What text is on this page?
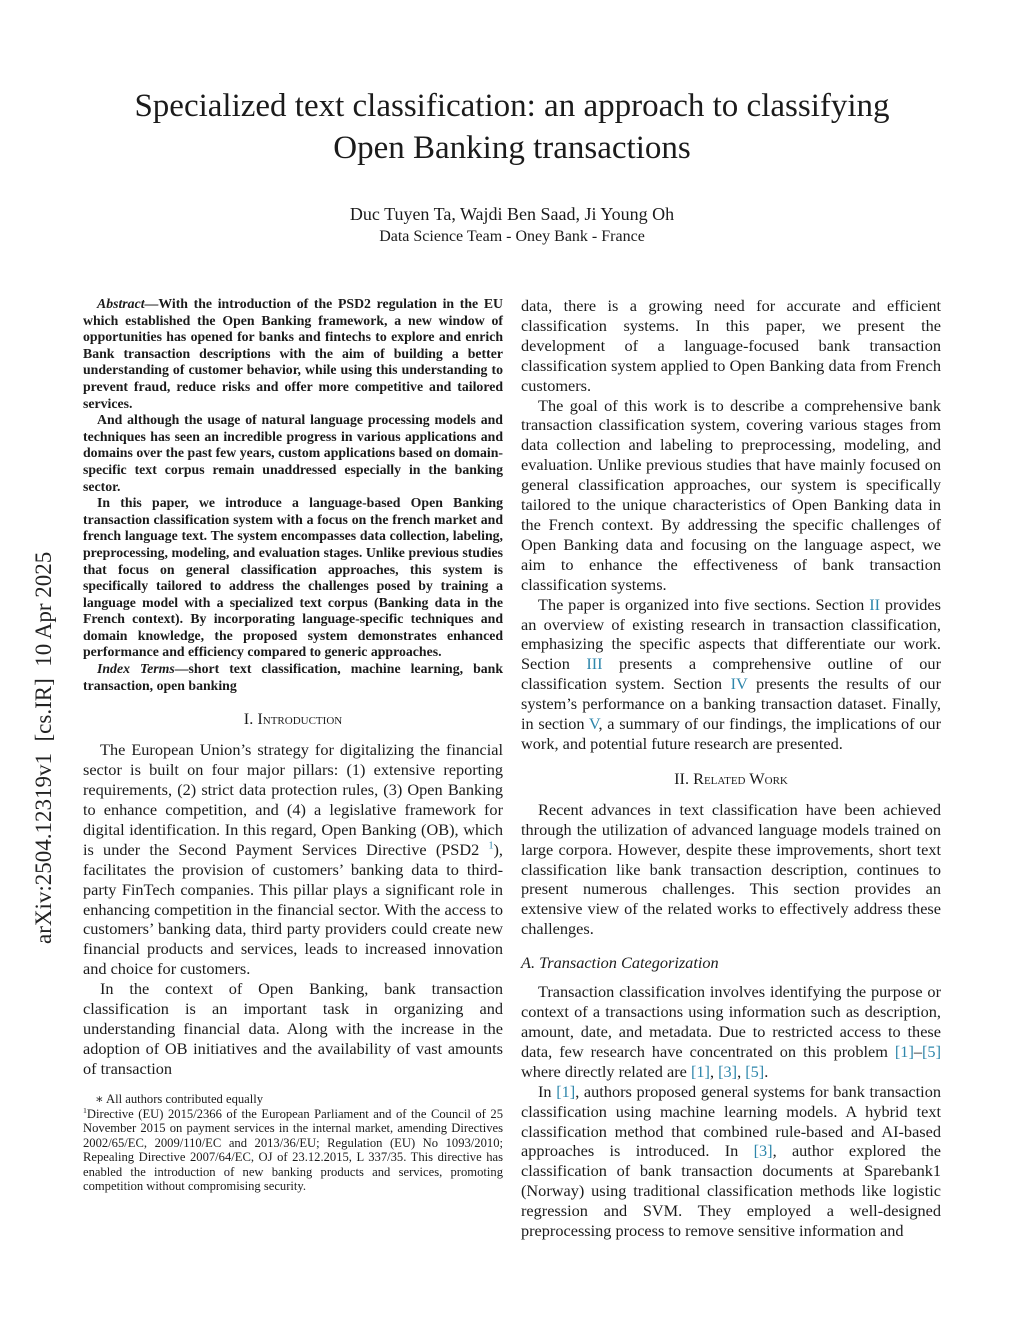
arXiv:2504.12319v1  [cs.IR]  10 Apr 2025
Specialized text classification: an approach to classifying Open Banking transactions
Duc Tuyen Ta, Wajdi Ben Saad, Ji Young Oh
Data Science Team - Oney Bank - France

Abstract—With the introduction of the PSD2 regulation in the EU which established the Open Banking framework, a new window of opportunities has opened for banks and fintechs to explore and enrich Bank transaction descriptions with the aim of building a better understanding of customer behavior, while using this understanding to prevent fraud, reduce risks and offer more competitive and tailored services.

And although the usage of natural language processing models and techniques has seen an incredible progress in various applications and domains over the past few years, custom applications based on domain-specific text corpus remain unaddressed especially in the banking sector.

In this paper, we introduce a language-based Open Banking transaction classification system with a focus on the french market and french language text. The system encompasses data collection, labeling, preprocessing, modeling, and evaluation stages. Unlike previous studies that focus on general classification approaches, this system is specifically tailored to address the challenges posed by training a language model with a specialized text corpus (Banking data in the French context). By incorporating language-specific techniques and domain knowledge, the proposed system demonstrates enhanced performance and efficiency compared to generic approaches.

Index Terms—short text classification, machine learning, bank transaction, open banking

I. Introduction

The European Union’s strategy for digitalizing the financial sector is built on four major pillars: (1) extensive reporting requirements, (2) strict data protection rules, (3) Open Banking to enhance competition, and (4) a legislative framework for digital identification. In this regard, Open Banking (OB), which is under the Second Payment Services Directive (PSD2 $^1$), facilitates the provision of customers’ banking data to third-party FinTech companies. This pillar plays a significant role in enhancing competition in the financial sector. With the access to customers’ banking data, third party providers could create new financial products and services, leads to increased innovation and choice for customers.

In the context of Open Banking, bank transaction classification is an important task in organizing and understanding financial data. Along with the increase in the adoption of OB initiatives and the availability of vast amounts of transaction

∗ All authors contributed equally

$^1$Directive (EU) 2015/2366 of the European Parliament and of the Council of 25 November 2015 on payment services in the internal market, amending Directives 2002/65/EC, 2009/110/EC and 2013/36/EU; Regulation (EU) No 1093/2010; Repealing Directive 2007/64/EC, OJ of 23.12.2015, L 337/35. This directive has enabled the introduction of new banking products and services, promoting competition without compromising security.

data, there is a growing need for accurate and efficient classification systems. In this paper, we present the development of a language-focused bank transaction classification system applied to Open Banking data from French customers.

The goal of this work is to describe a comprehensive bank transaction classification system, covering various stages from data collection and labeling to preprocessing, modeling, and evaluation. Unlike previous studies that have mainly focused on general classification approaches, our system is specifically tailored to the unique characteristics of Open Banking data in the French context. By addressing the specific challenges of Open Banking data and focusing on the language aspect, we aim to enhance the effectiveness of bank transaction classification systems.

The paper is organized into five sections. Section II provides an overview of existing research in transaction classification, emphasizing the specific aspects that differentiate our work. Section III presents a comprehensive outline of our classification system. Section IV presents the results of our system’s performance on a banking transaction dataset. Finally, in section V, a summary of our findings, the implications of our work, and potential future research are presented.

II. Related Work

Recent advances in text classification have been achieved through the utilization of advanced language models trained on large corpora. However, despite these improvements, short text classification like bank transaction description, continues to present numerous challenges. This section provides an extensive view of the related works to effectively address these challenges.

A. Transaction Categorization

Transaction classification involves identifying the purpose or context of a transactions using information such as description, amount, date, and metadata. Due to restricted access to these data, few research have concentrated on this problem [1]–[5] where directly related are [1], [3], [5].

In [1], authors proposed general systems for bank transaction classification using machine learning models. A hybrid text classification method that combined rule-based and AI-based approaches is introduced. In [3], author explored the classification of bank transaction documents at Sparebank1 (Norway) using traditional classification methods like logistic regression and SVM. They employed a well-designed preprocessing process to remove sensitive information and
